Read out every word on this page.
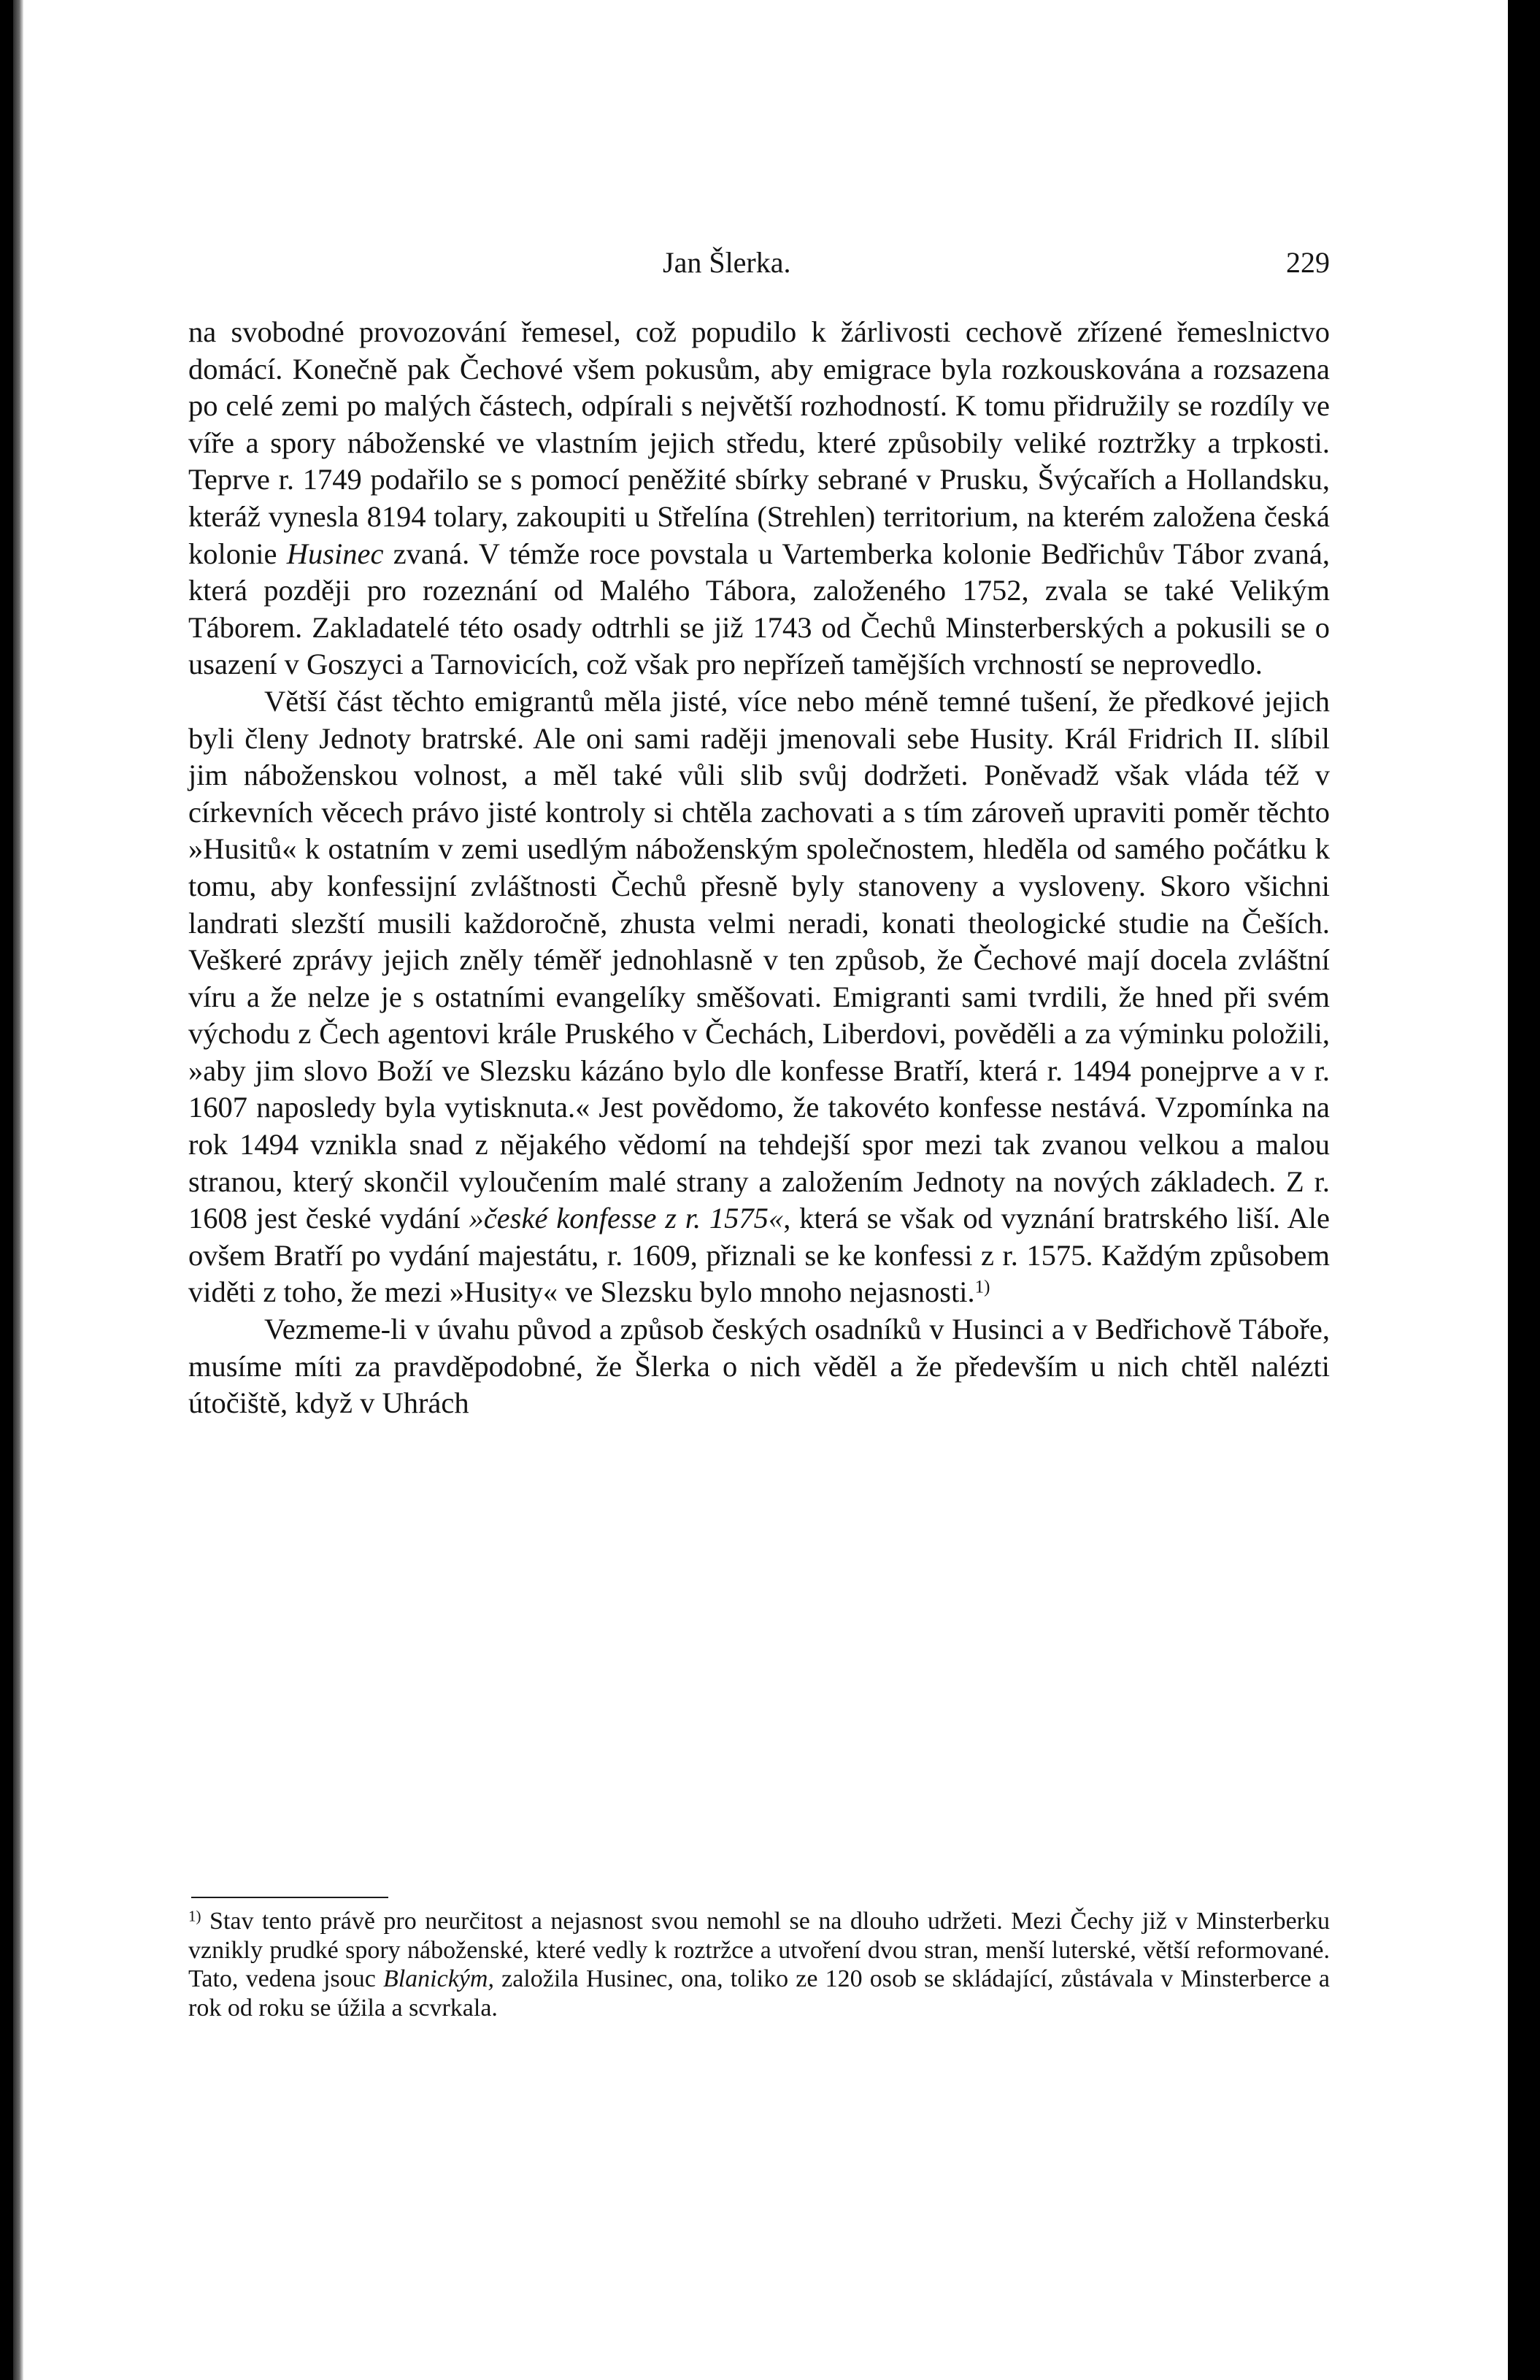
Jan Šlerka.	229

na svobodné provozování řemesel, což popudilo k žárlivosti cechově zřízené řemeslnictvo domácí. Konečně pak Čechové všem pokusům, aby emigrace byla rozkouskována a rozsazena po celé zemi po malých částech, odpírali s největší rozhodností. K tomu přidružily se rozdíly ve víře a spory náboženské ve vlastním jejich středu, které způsobily veliké roztržky a trpkosti. Teprve r. 1749 podařilo se s pomocí peněžité sbírky sebrané v Prusku, Švýcařích a Hollandsku, kteráž vynesla 8194 tolary, zakoupiti u Střelína (Strehlen) territorium, na kterém založena česká kolonie Husinec zvaná. V témže roce povstala u Vartemberka kolonie Bedřichův Tábor zvaná, která později pro rozeznání od Malého Tábora, založeného 1752, zvala se také Velikým Táborem. Zakladatelé této osady odtrhli se již 1743 od Čechů Minsterberských a pokusili se o usazení v Goszyci a Tarnovicích, což však pro nepřízeň tamějších vrchností se neprovedlo.

Větší část těchto emigrantů měla jisté, více nebo méně temné tušení, že předkové jejich byli členy Jednoty bratrské. Ale oni sami raději jmenovali sebe Husity. Král Fridrich II. slíbil jim náboženskou volnost, a měl také vůli slib svůj dodržeti. Poněvadž však vláda též v církevních věcech právo jisté kontroly si chtěla zachovati a s tím zároveň upraviti poměr těchto »Husitů« k ostatním v zemi usedlým náboženským společnostem, hleděla od samého počátku k tomu, aby konfessijní zvláštnosti Čechů přesně byly stanoveny a vysloveny. Skoro všichni landrati slezští musili každoročně, zhusta velmi neradi, konati theologické studie na Češích. Veškeré zprávy jejich zněly téměř jednohlasně v ten způsob, že Čechové mají docela zvláštní víru a že nelze je s ostatními evangelíky směšovati. Emigranti sami tvrdili, že hned při svém východu z Čech agentovi krále Pruského v Čechách, Liberdovi, pověděli a za výminku položili, »aby jim slovo Boží ve Slezsku kázáno bylo dle konfesse Bratří, která r. 1494 ponejprve a v r. 1607 naposledy byla vytisknuta.« Jest povědomo, že takovéto konfesse nestává. Vzpomínka na rok 1494 vznikla snad z nějakého vědomí na tehdejší spor mezi tak zvanou velkou a malou stranou, který skončil vyloučením malé strany a založením Jednoty na nových základech. Z r. 1608 jest české vydání »české konfesse z r. 1575«, která se však od vyznání bratrského liší. Ale ovšem Bratří po vydání majestátu, r. 1609, přiznali se ke konfessi z r. 1575. Každým způsobem viděti z toho, že mezi »Husity« ve Slezsku bylo mnoho nejasnosti.$^{1)}$

Vezmeme-li v úvahu původ a způsob českých osadníků v Husinci a v Bedřichově Táboře, musíme míti za pravděpodobné, že Šlerka o nich věděl a že především u nich chtěl nalézti útočiště, když v Uhrách

$^{1)}$ Stav tento právě pro neurčitost a nejasnost svou nemohl se na dlouho udržeti. Mezi Čechy již v Minsterberku vznikly prudké spory náboženské, které vedly k roztržce a utvoření dvou stran, menší luterské, větší reformované. Tato, vedena jsouc Blanickým, založila Husinec, ona, toliko ze 120 osob se skládající, zůstávala v Minsterberce a rok od roku se úžila a scvrkala.
